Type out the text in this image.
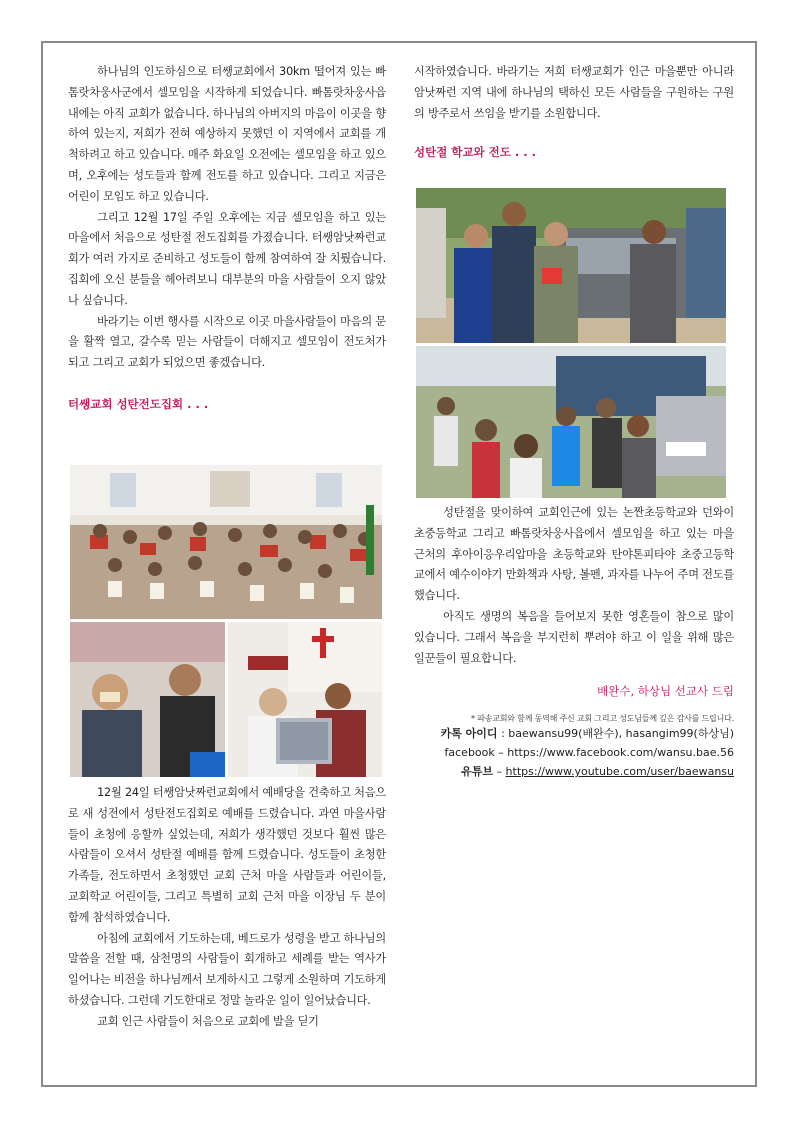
하나님의 인도하심으로 터쌩교회에서 30km 떨어져 있는 빠톰랏차웅사군에서 셀모임을 시작하게 되었습니다. 빠톰랏차웅사읍내에는 아직 교회가 없습니다. 하나님의 아버지의 마음이 이곳을 향하여 있는지, 저희가 전혀 예상하지 못했던 이 지역에서 교회를 개척하려고 하고 있습니다. 매주 화요일 오전에는 셀모임을 하고 있으며, 오후에는 성도들과 함께 전도를 하고 있습니다. 그리고 지금은 어린이 모임도 하고 있습니다.

그리고 12월 17일 주일 오후에는 지금 셀모임을 하고 있는 마을에서 처음으로 성탄절 전도집회를 가졌습니다. 터쌩암낫짜런교회가 여러 가지로 준비하고 성도들이 함께 참여하여 잘 치뤘습니다. 집회에 오신 분들을 헤아려보니 대부분의 마을 사람들이 오지 않았나 싶습니다.

바라기는 이번 행사를 시작으로 이곳 마을사람들이 마음의 문을 활짝 열고, 갈수록 믿는 사람들이 더해지고 셀모임이 전도처가 되고 그리고 교회가 되었으면 좋겠습니다.

터쌩교회 성탄전도집회 . . .

12월 24일 터쌩암낫짜런교회에서 예배당을 건축하고 처음으로 새 성전에서 성탄전도집회로 예배를 드렸습니다. 과연 마을사람들이 초청에 응할까 싶었는데, 저희가 생각했던 것보다 훨씬 많은 사람들이 오셔서 성탄절 예배를 함께 드렸습니다. 성도들이 초청한 가족들, 전도하면서 초청했던 교회 근처 마을 사람들과 어린이들, 교회학교 어린이들, 그리고 특별히 교회 근처 마을 이장님 두 분이 함께 참석하였습니다.

아침에 교회에서 기도하는데, 베드로가 성령을 받고 하나님의 말씀을 전할 때, 삼천명의 사람들이 회개하고 세례를 받는 역사가 일어나는 비전을 하나님께서 보게하시고 그렇게 소원하며 기도하게 하셨습니다. 그런데 기도한대로 정말 놀라운 일이 일어났습니다.

교회 인근 사람들이 처음으로 교회에 발을 딛기

시작하였습니다. 바라기는 저희 터쌩교회가 인근 마을뿐만 아니라 암낫짜런 지역 내에 하나님의 택하신 모든 사람들을 구원하는 구원의 방주로서 쓰임을 받기를 소원합니다.

성탄절 학교와 전도 . . .

성탄절을 맞이하여 교회인근에 있는 논짠초등학교와 던와이 초중등학교 그리고 빠톰랏차웅사읍에서 셀모임을 하고 있는 마을 근처의 후아이응우리압마을 초등학교와 탄야톤피타야 초중고등학교에서 예수이야기 만화책과 사탕, 볼펜, 과자를 나누어 주며 전도를 했습니다.

아직도 생명의 복음을 들어보지 못한 영혼들이 참으로 많이 있습니다. 그래서 복음을 부지런히 뿌려야 하고 이 일을 위해 많은 일꾼들이 필요합니다.

배완수, 하상님 선교사 드림
* 파송교회와 함께 동역해 주신 교회 그리고 성도님들께 깊은 감사를 드립니다.
카톡 아이디 : baewansu99(배완수), hasangim99(하상님)
facebook – https://www.facebook.com/wansu.bae.56
유튜브 – https://www.youtube.com/user/baewansu
